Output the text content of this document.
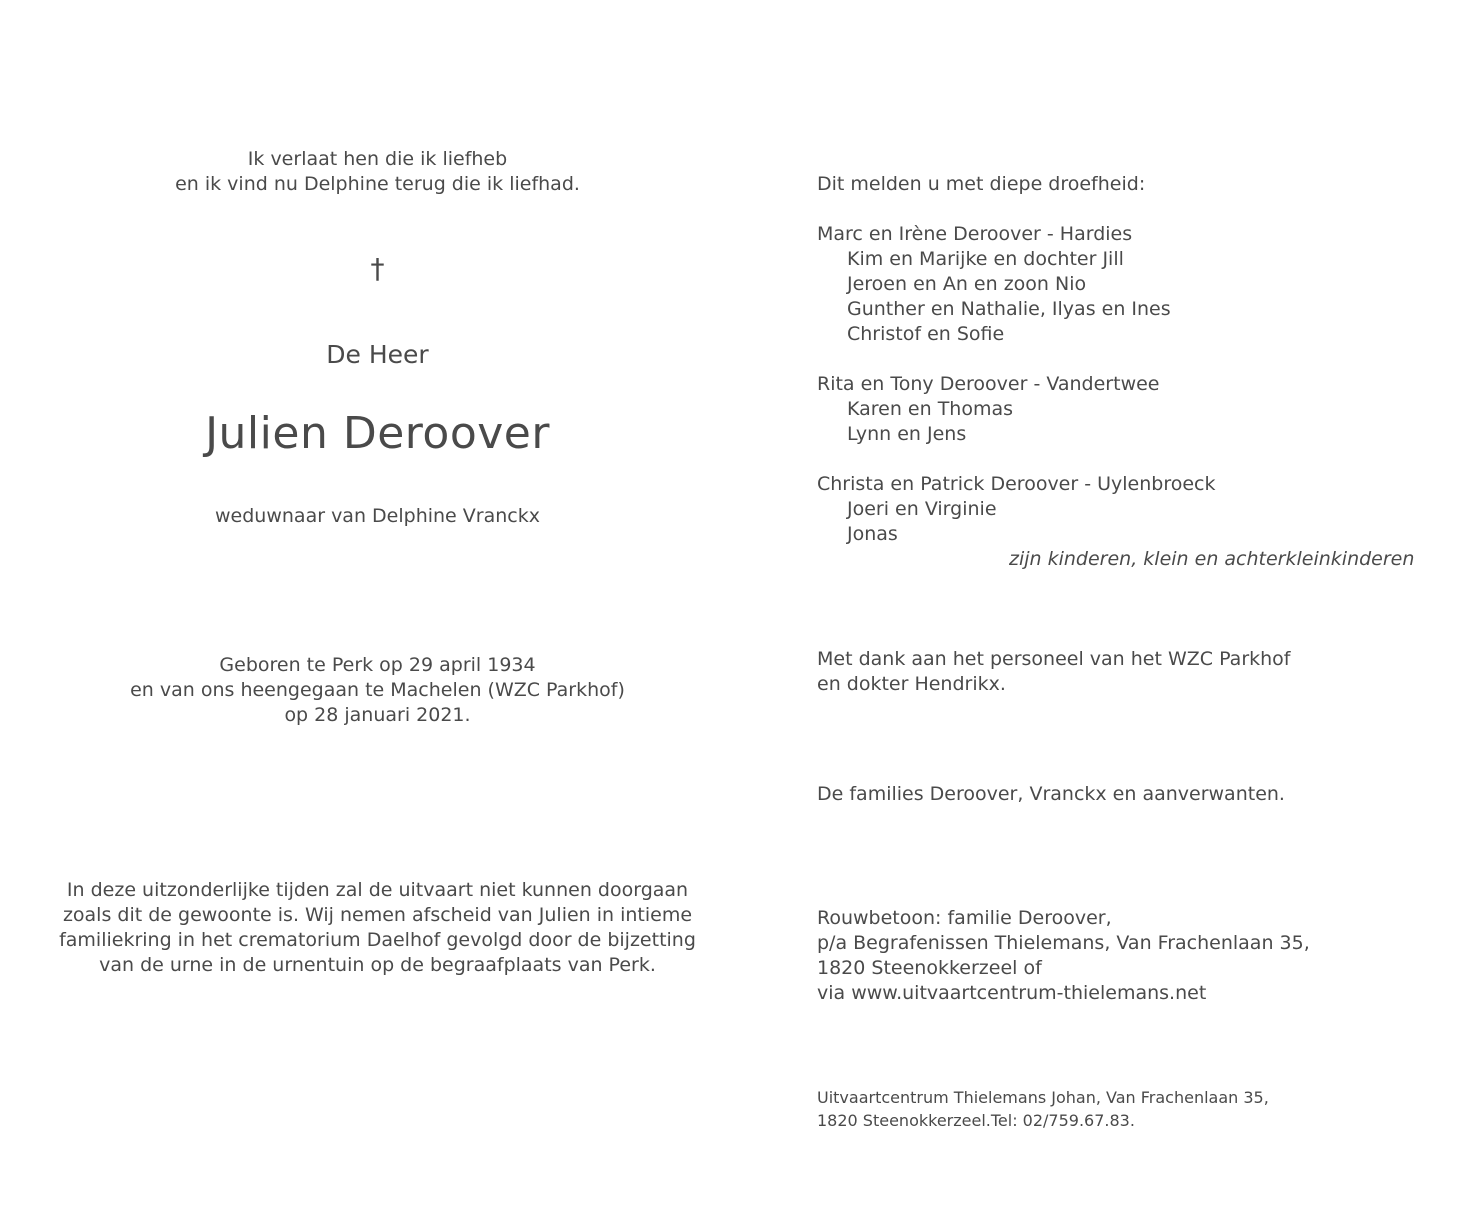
Ik verlaat hen die ik liefheb
en ik vind nu Delphine terug die ik liefhad.
†
De Heer
Julien Deroover
weduwnaar van Delphine Vranckx
Geboren te Perk op 29 april 1934
en van ons heengegaan te Machelen (WZC Parkhof)
op 28 januari 2021.
In deze uitzonderlijke tijden zal de uitvaart niet kunnen doorgaan
zoals dit de gewoonte is. Wij nemen afscheid van Julien in intieme
familiekring in het crematorium Daelhof gevolgd door de bijzetting
van de urne in de urnentuin op de begraafplaats van Perk.
Dit melden u met diepe droefheid:
Marc en Irène Deroover - Hardies
Kim en Marijke en dochter Jill
Jeroen en An en zoon Nio
Gunther en Nathalie, Ilyas en Ines
Christof en Sofie
Rita en Tony Deroover - Vandertwee
Karen en Thomas
Lynn en Jens
Christa en Patrick Deroover - Uylenbroeck
Joeri en Virginie
Jonas
zijn kinderen, klein en achterkleinkinderen
Met dank aan het personeel van het WZC Parkhof
en dokter Hendrikx.
De families Deroover, Vranckx en aanverwanten.
Rouwbetoon: familie Deroover,
p/a Begrafenissen Thielemans, Van Frachenlaan 35,
1820 Steenokkerzeel of
via www.uitvaartcentrum-thielemans.net
Uitvaartcentrum Thielemans Johan, Van Frachenlaan 35,
1820 Steenokkerzeel.Tel: 02/759.67.83.
